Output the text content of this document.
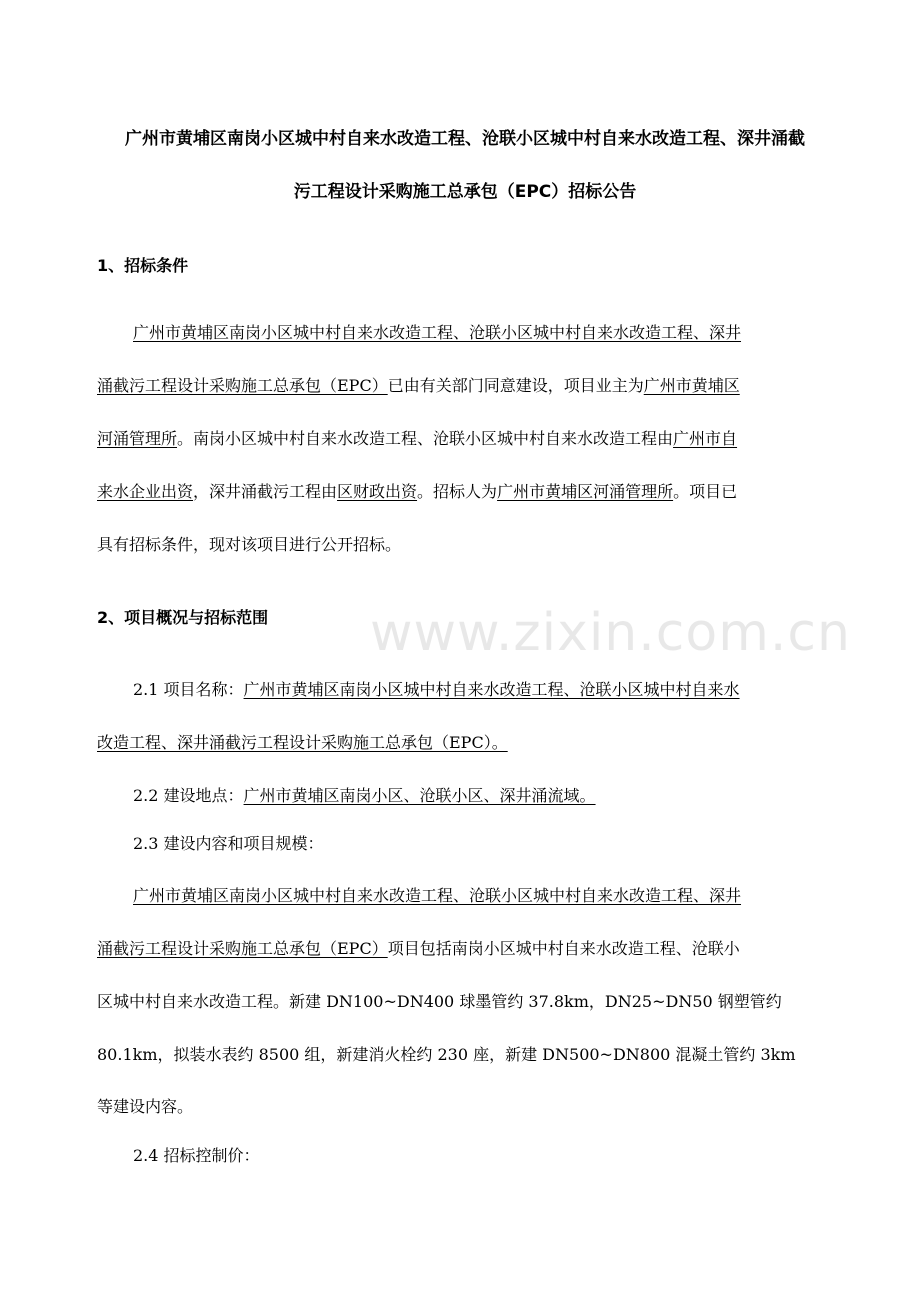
广州市黄埔区南岗小区城中村自来水改造工程、沧联小区城中村自来水改造工程、深井涌截
污工程设计采购施工总承包（EPC）招标公告
1、招标条件
广州市黄埔区南岗小区城中村自来水改造工程、沧联小区城中村自来水改造工程、深井
涌截污工程设计采购施工总承包（EPC）已由有关部门同意建设，项目业主为广州市黄埔区
河涌管理所。南岗小区城中村自来水改造工程、沧联小区城中村自来水改造工程由广州市自
来水企业出资，深井涌截污工程由区财政出资。招标人为广州市黄埔区河涌管理所。项目已
具有招标条件，现对该项目进行公开招标。
2、项目概况与招标范围
2.1 项目名称：广州市黄埔区南岗小区城中村自来水改造工程、沧联小区城中村自来水
改造工程、深井涌截污工程设计采购施工总承包（EPC）。
2.2 建设地点：广州市黄埔区南岗小区、沧联小区、深井涌流域。
2.3 建设内容和项目规模：
广州市黄埔区南岗小区城中村自来水改造工程、沧联小区城中村自来水改造工程、深井
涌截污工程设计采购施工总承包（EPC）项目包括南岗小区城中村自来水改造工程、沧联小
区城中村自来水改造工程。新建 DN100~DN400 球墨管约 37.8km，DN25~DN50 钢塑管约
80.1km，拟装水表约 8500 组，新建消火栓约 230 座，新建 DN500~DN800 混凝土管约 3km
等建设内容。
2.4 招标控制价：
www.zixin.com.cn
